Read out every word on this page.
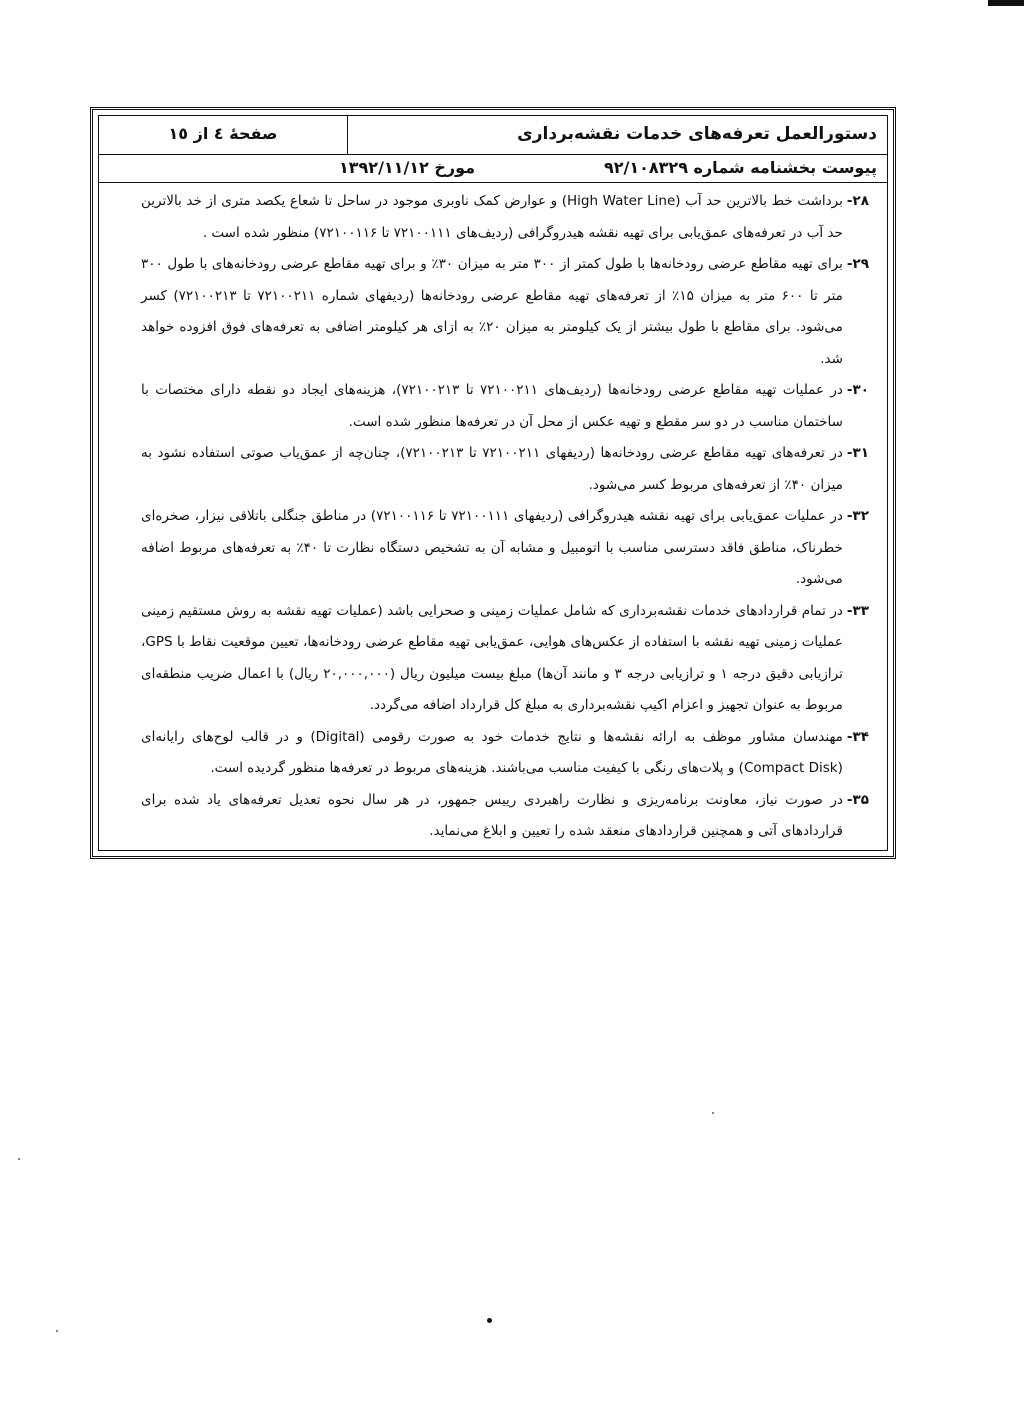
دستورالعمل تعرفه‌های خدمات نقشه‌برداری
صفحهٔ ٤ از ١٥
پیوست بخشنامه شماره ۹۲/۱۰۸۳۲۹
مورخ ۱۳۹۲/۱۱/۱۲
۲۸-
برداشت خط بالاترین حد آب (High Water Line) و عوارض کمک ناوبری موجود در ساحل تا شعاع یکصد متری از خد بالاترین حد آب در تعرفه‌های عمق‌یابی برای تهیه نقشه هیدروگرافی (ردیف‌های ۷۲۱۰۰۱۱۱ تا ۷۲۱۰۰۱۱۶) منظور شده است .
۲۹-
برای تهیه مقاطع عرضی رودخانه‌ها با طول کمتر از ۳۰۰ متر به میزان ۳۰٪ و برای تهیه مقاطع عرضی رودخانه‌های با طول ۳۰۰ متر تا ۶۰۰ متر به میزان ۱۵٪ از تعرفه‌های تهیه مقاطع عرضی رودخانه‌ها (ردیفهای شماره ۷۲۱۰۰۲۱۱ تا ۷۲۱۰۰۲۱۳) کسر می‌شود. برای مقاطع با طول بیشتر از یک کیلومتر به میزان ۲۰٪ به ازای هر کیلومتر اضافی به تعرفه‌های فوق افزوده خواهد شد.
۳۰-
در عملیات تهیه مقاطع عرضی رودخانه‌ها (ردیف‌های ۷۲۱۰۰۲۱۱ تا ۷۲۱۰۰۲۱۳)، هزینه‌های ایجاد دو نقطه دارای مختصات با ساختمان مناسب در دو سر مقطع و تهیه عکس از محل آن در تعرفه‌ها منظور شده است.
۳۱-
در تعرفه‌های تهیه مقاطع عرضی رودخانه‌ها (ردیفهای ۷۲۱۰۰۲۱۱ تا ۷۲۱۰۰۲۱۳)، چنان‌چه از عمق‌یاب صوتی استفاده نشود به میزان ۴۰٪ از تعرفه‌های مربوط کسر می‌شود.
۳۲-
در عملیات عمق‌یابی برای تهیه نقشه هیدروگرافی (ردیفهای ۷۲۱۰۰۱۱۱ تا ۷۲۱۰۰۱۱۶) در مناطق جنگلی باتلاقی نیزار، صخره‌ای خطرناک، مناطق فاقد دسترسی مناسب با اتومبیل و مشابه آن به تشخیص دستگاه نظارت تا ۴۰٪ به تعرفه‌های مربوط اضافه می‌شود.
۳۳-
در تمام قراردادهای خدمات نقشه‌برداری که شامل عملیات زمینی و صحرایی باشد (عملیات تهیه نقشه به روش مستقیم زمینی عملیات زمینی تهیه نقشه با استفاده از عکس‌های هوایی، عمق‌یابی تهیه مقاطع عرضی رودخانه‌ها، تعیین موقعیت نقاط با GPS، ترازیابی دقیق درجه ۱ و ترازیابی درجه ۳ و مانند آن‌ها) مبلغ بیست میلیون ریال (۲۰,۰۰۰,۰۰۰ ریال) با اعمال ضریب منطقه‌ای مربوط به عنوان تجهیز و اعزام اکیپ نقشه‌برداری به مبلغ کل قرارداد اضافه می‌گردد.
۳۴-
مهندسان مشاور موظف به ارائه نقشه‌ها و نتایج خدمات خود به صورت رقومی (Digital) و در قالب لوح‌های رایانه‌ای (Compact Disk) و پلات‌های رنگی با کیفیت مناسب می‌باشند. هزینه‌های مربوط در تعرفه‌ها منظور گردیده است.
۳۵-
در صورت نیاز، معاونت برنامه‌ریزی و نظارت راهبردی رییس جمهور، در هر سال نحوه تعدیل تعرفه‌های یاد شده برای قراردادهای آتی و همچنین قراردادهای منعقد شده را تعیین و ابلاغ می‌نماید.
